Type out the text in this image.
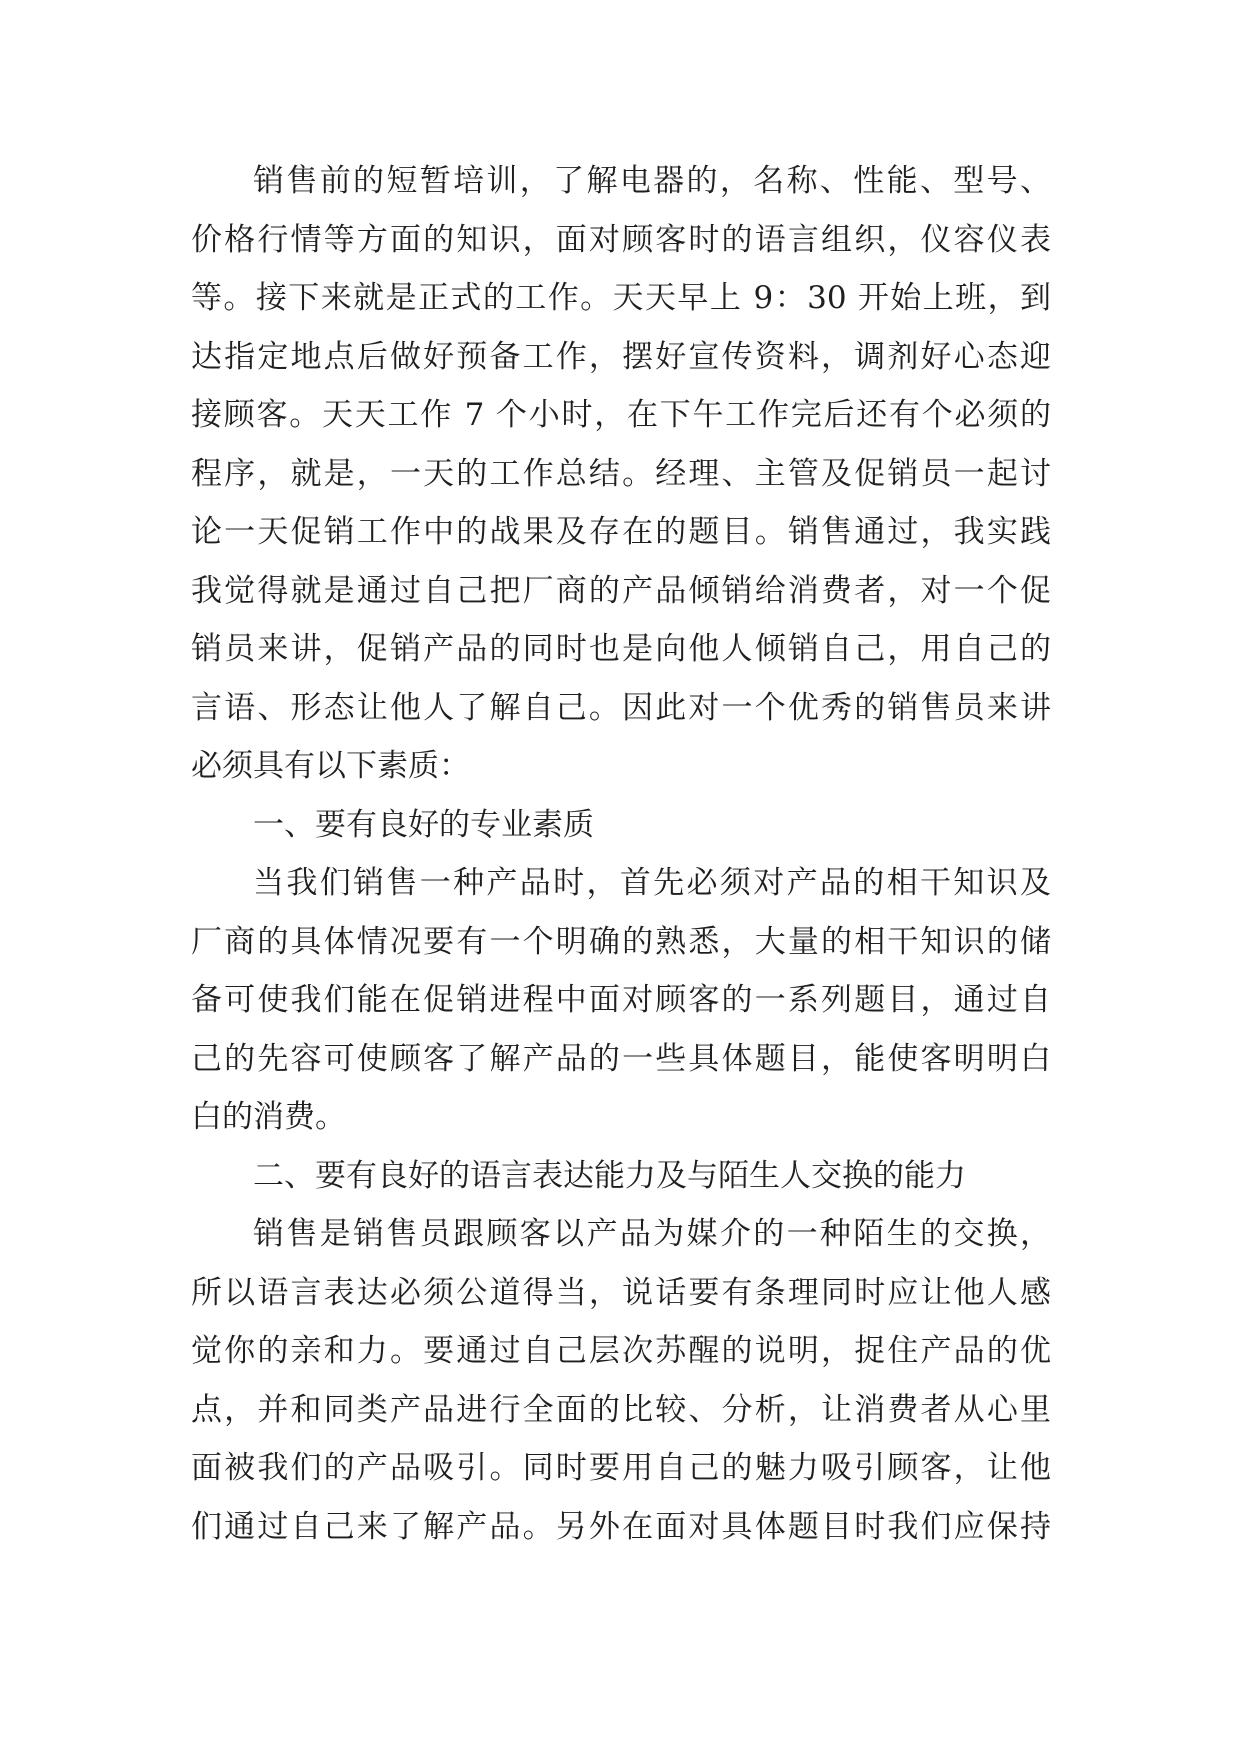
销售前的短暂培训，了解电器的，名称、性能、型号、
价格行情等方面的知识，面对顾客时的语言组织，仪容仪表
等。接下来就是正式的工作。天天早上 9：30 开始上班，到
达指定地点后做好预备工作，摆好宣传资料，调剂好心态迎
接顾客。天天工作 7 个小时，在下午工作完后还有个必须的
程序，就是，一天的工作总结。经理、主管及促销员一起讨
论一天促销工作中的战果及存在的题目。销售通过，我实践
我觉得就是通过自己把厂商的产品倾销给消费者，对一个促
销员来讲，促销产品的同时也是向他人倾销自己，用自己的
言语、形态让他人了解自己。因此对一个优秀的销售员来讲
必须具有以下素质：
一、要有良好的专业素质
当我们销售一种产品时，首先必须对产品的相干知识及
厂商的具体情况要有一个明确的熟悉，大量的相干知识的储
备可使我们能在促销进程中面对顾客的一系列题目，通过自
己的先容可使顾客了解产品的一些具体题目，能使客明明白
白的消费。
二、要有良好的语言表达能力及与陌生人交换的能力
销售是销售员跟顾客以产品为媒介的一种陌生的交换，
所以语言表达必须公道得当，说话要有条理同时应让他人感
觉你的亲和力。要通过自己层次苏醒的说明，捉住产品的优
点，并和同类产品进行全面的比较、分析，让消费者从心里
面被我们的产品吸引。同时要用自己的魅力吸引顾客，让他
们通过自己来了解产品。另外在面对具体题目时我们应保持
